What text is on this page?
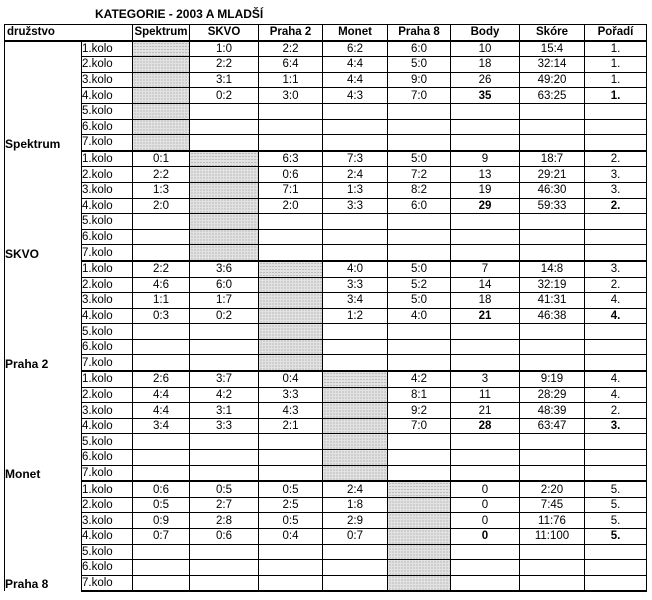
KATEGORIE - 2003 A MLADŠÍ
družstvo		Spektrum	SKVO	Praha 2	Monet	Praha 8	Body	Skóre	Pořadí
Spektrum	1.kolo		1:0	2:2	6:2	6:0	10	15:4	1.
	2.kolo		2:2	6:4	4:4	5:0	18	32:14	1.
	3.kolo		3:1	1:1	4:4	9:0	26	49:20	1.
	4.kolo		0:2	3:0	4:3	7:0	35	63:25	1.
	5.kolo								
	6.kolo								
	7.kolo								
SKVO	1.kolo	0:1		6:3	7:3	5:0	9	18:7	2.
	2.kolo	2:2		0:6	2:4	7:2	13	29:21	3.
	3.kolo	1:3		7:1	1:3	8:2	19	46:30	3.
	4.kolo	2:0		2:0	3:3	6:0	29	59:33	2.
	5.kolo								
	6.kolo								
	7.kolo								
Praha 2	1.kolo	2:2	3:6		4:0	5:0	7	14:8	3.
	2.kolo	4:6	6:0		3:3	5:2	14	32:19	2.
	3.kolo	1:1	1:7		3:4	5:0	18	41:31	4.
	4.kolo	0:3	0:2		1:2	4:0	21	46:38	4.
	5.kolo								
	6.kolo								
	7.kolo								
Monet	1.kolo	2:6	3:7	0:4		4:2	3	9:19	4.
	2.kolo	4:4	4:2	3:3		8:1	11	28:29	4.
	3.kolo	4:4	3:1	4:3		9:2	21	48:39	2.
	4.kolo	3:4	3:3	2:1		7:0	28	63:47	3.
	5.kolo								
	6.kolo								
	7.kolo								
Praha 8	1.kolo	0:6	0:5	0:5	2:4		0	2:20	5.
	2.kolo	0:5	2:7	2:5	1:8		0	7:45	5.
	3.kolo	0:9	2:8	0:5	2:9		0	11:76	5.
	4.kolo	0:7	0:6	0:4	0:7		0	11:100	5.
	5.kolo								
	6.kolo								
	7.kolo								
